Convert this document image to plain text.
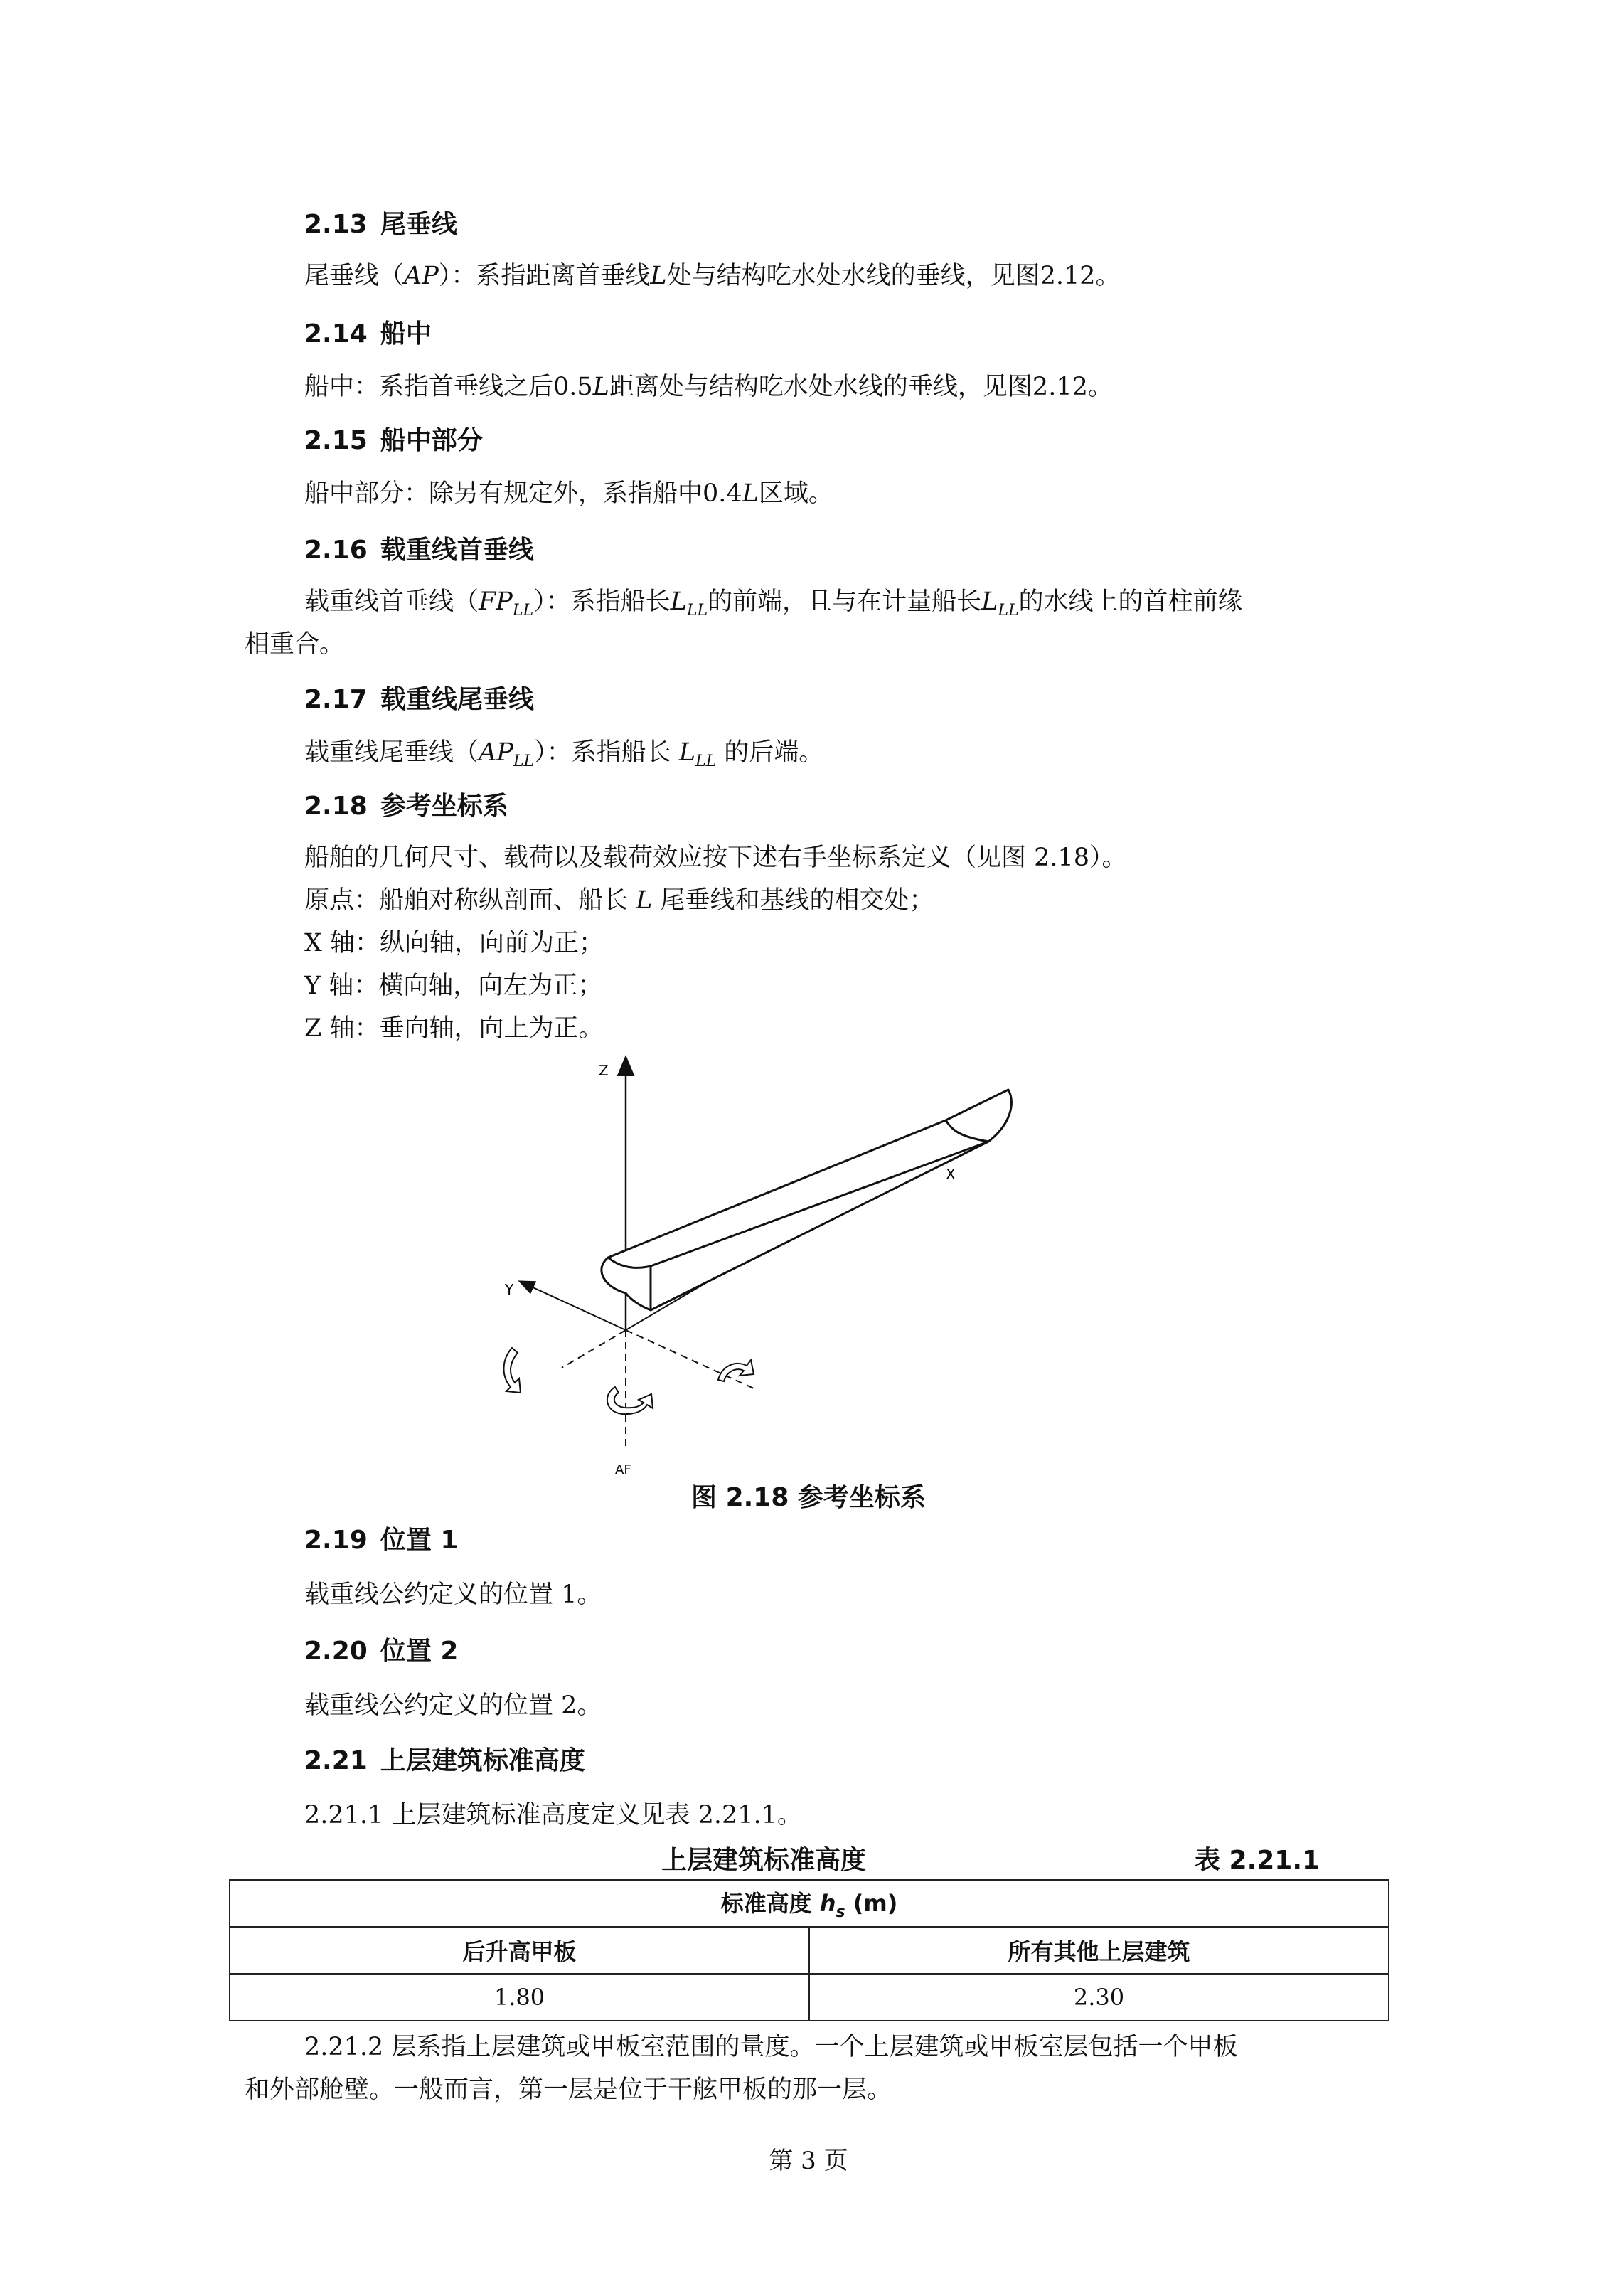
2.13 尾垂线
尾垂线（AP）：系指距离首垂线L处与结构吃水处水线的垂线，见图2.12。
2.14 船中
船中：系指首垂线之后0.5L距离处与结构吃水处水线的垂线，见图2.12。
2.15 船中部分
船中部分：除另有规定外，系指船中0.4L区域。
2.16 载重线首垂线
载重线首垂线$(FP_{LL})$：系指船长$L_{LL}$的前端，且与在计量船长$L_{LL}$的水线上的首柱前缘
相重合。
2.17 载重线尾垂线
载重线尾垂线$(AP_{LL})$：系指船长 $L_{LL}$ 的后端。
2.18 参考坐标系
船舶的几何尺寸、载荷以及载荷效应按下述右手坐标系定义（见图 2.18）。
原点：船舶对称纵剖面、船长 L 尾垂线和基线的相交处；
X 轴：纵向轴，向前为正；
Y 轴：横向轴，向左为正；
Z 轴：垂向轴，向上为正。
Z
AF
X
Y
图 2.18 参考坐标系
2.19 位置 1
载重线公约定义的位置 1。
2.20 位置 2
载重线公约定义的位置 2。
2.21 上层建筑标准高度
2.21.1 上层建筑标准高度定义见表 2.21.1。
上层建筑标准高度	表 2.21.1
标准高度 $h_s$ (m)	
后升高甲板	所有其他上层建筑
1.80	2.30
2.21.2 层系指上层建筑或甲板室范围的量度。一个上层建筑或甲板室层包括一个甲板
和外部舱壁。一般而言，第一层是位于干舷甲板的那一层。
第 3 页
